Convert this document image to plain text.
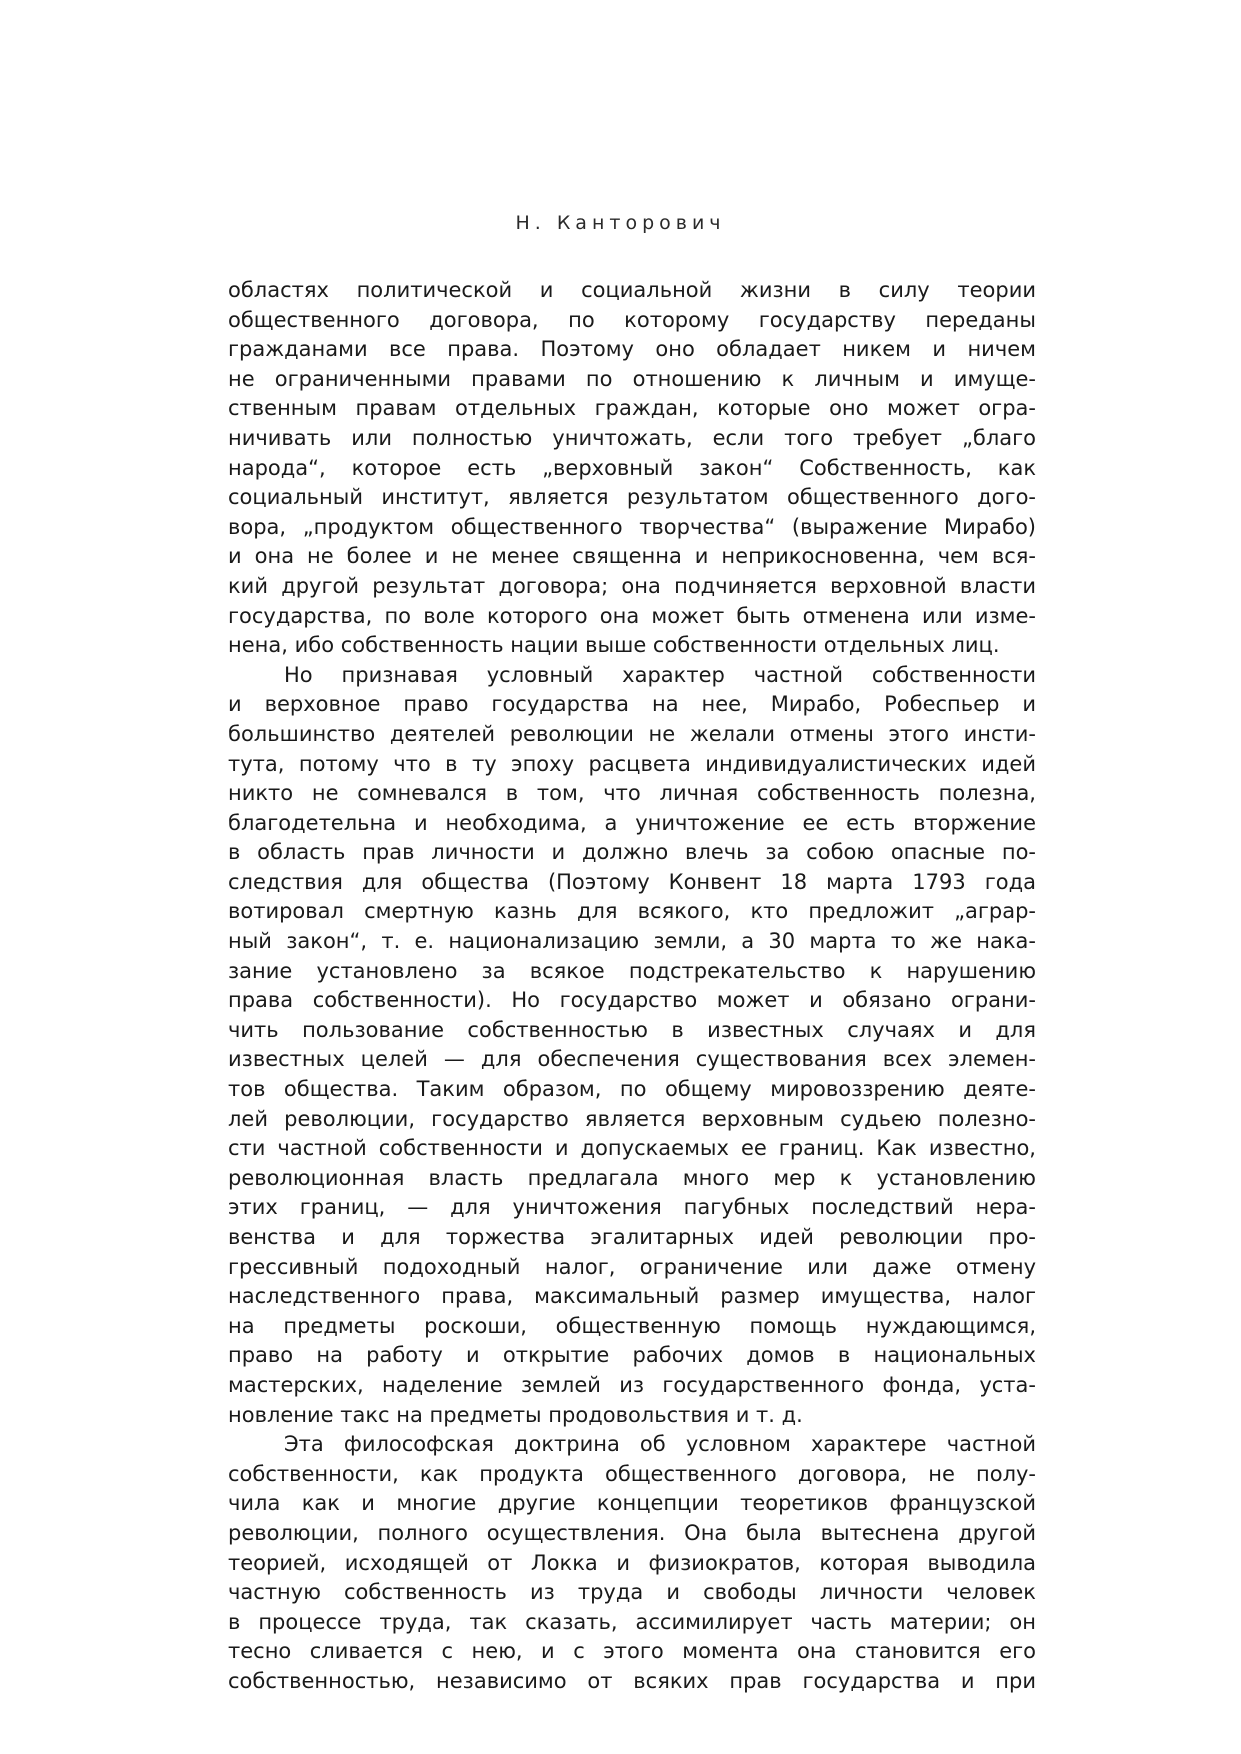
Н. Канторович
областях политической и социальной жизни в силу теории
общественного договора, по которому государству переданы
гражданами все права. Поэтому оно обладает никем и ничем
не ограниченными правами по отношению к личным и имуще-
ственным правам отдельных граждан, которые оно может огра-
ничивать или полностью уничтожать, если того требует „благо
народа“, которое есть „верховный закон“ Собственность, как
социальный институт, является результатом общественного дого-
вора, „продуктом общественного творчества“ (выражение Мирабо)
и она не более и не менее священна и неприкосновенна, чем вся-
кий другой результат договора; она подчиняется верховной власти
государства, по воле которого она может быть отменена или изме-
нена, ибо собственность нации выше собственности отдельных лиц.
Но признавая условный характер частной собственности
и верховное право государства на нее, Мирабо, Робеспьер и
большинство деятелей революции не желали отмены этого инсти-
тута, потому что в ту эпоху расцвета индивидуалистических идей
никто не сомневался в том, что личная собственность полезна,
благодетельна и необходима, а уничтожение ее есть вторжение
в область прав личности и должно влечь за собою опасные по-
следствия для общества (Поэтому Конвент 18 марта 1793 года
вотировал смертную казнь для всякого, кто предложит „аграр-
ный закон“, т. е. национализацию земли, а 30 марта то же нака-
зание установлено за всякое подстрекательство к нарушению
права собственности). Но государство может и обязано ограни-
чить пользование собственностью в известных случаях и для
известных целей — для обеспечения существования всех элемен-
тов общества. Таким образом, по общему мировоззрению деяте-
лей революции, государство является верховным судьею полезно-
сти частной собственности и допускаемых ее границ. Как известно,
революционная власть предлагала много мер к установлению
этих границ, — для уничтожения пагубных последствий нера-
венства и для торжества эгалитарных идей революции про-
грессивный подоходный налог, ограничение или даже отмену
наследственного права, максимальный размер имущества, налог
на предметы роскоши, общественную помощь нуждающимся,
право на работу и открытие рабочих домов в национальных
мастерских, наделение землей из государственного фонда, уста-
новление такс на предметы продовольствия и т. д.
Эта философская доктрина об условном характере частной
собственности, как продукта общественного договора, не полу-
чила как и многие другие концепции теоретиков французской
революции, полного осуществления. Она была вытеснена другой
теорией, исходящей от Локка и физиократов, которая выводила
частную собственность из труда и свободы личности человек
в процессе труда, так сказать, ассимилирует часть материи; он
тесно сливается с нею, и с этого момента она становится его
собственностью, независимо от всяких прав государства и при
